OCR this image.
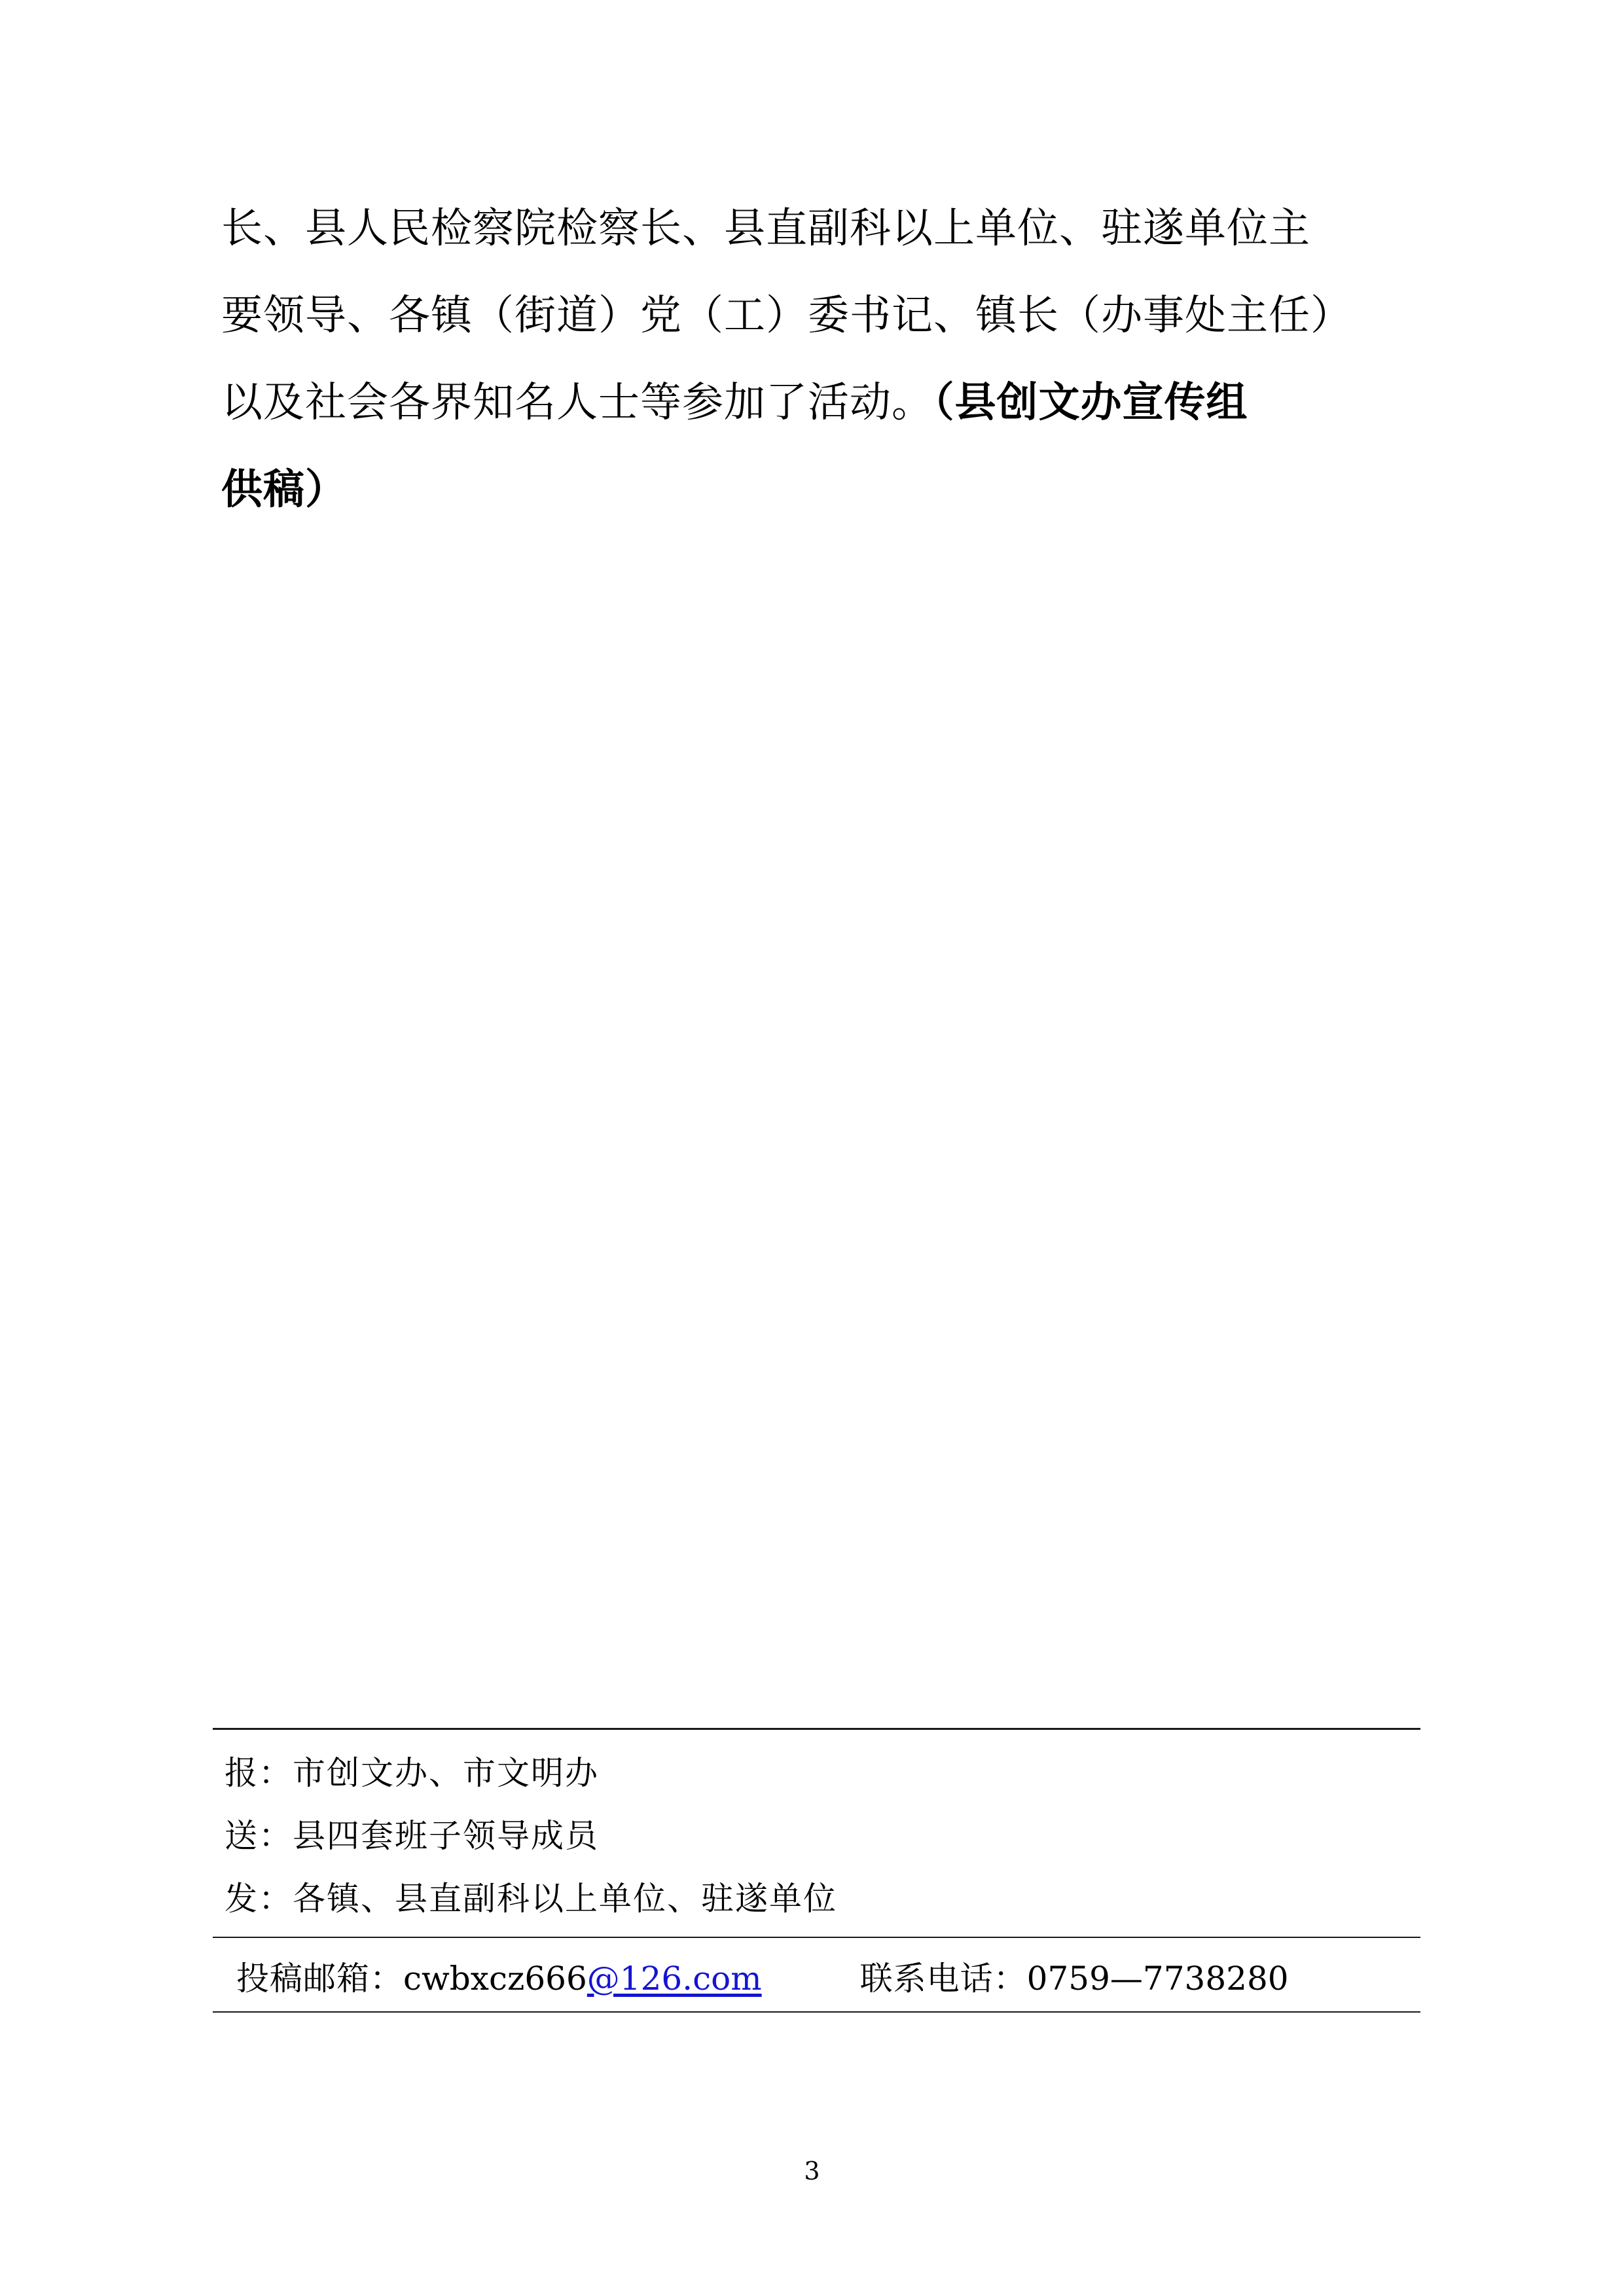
长、县人民检察院检察长、县直副科以上单位、驻遂单位主
要领导、各镇（街道）党（工）委书记、镇长（办事处主任）
以及社会各界知名人士等参加了活动。（县创文办宣传组
供稿）
报：市创文办、市文明办
送：县四套班子领导成员
发：各镇、县直副科以上单位、驻遂单位
投稿邮箱： cwbxcz666 @126.com	联系电话： 0759—7738280
3
